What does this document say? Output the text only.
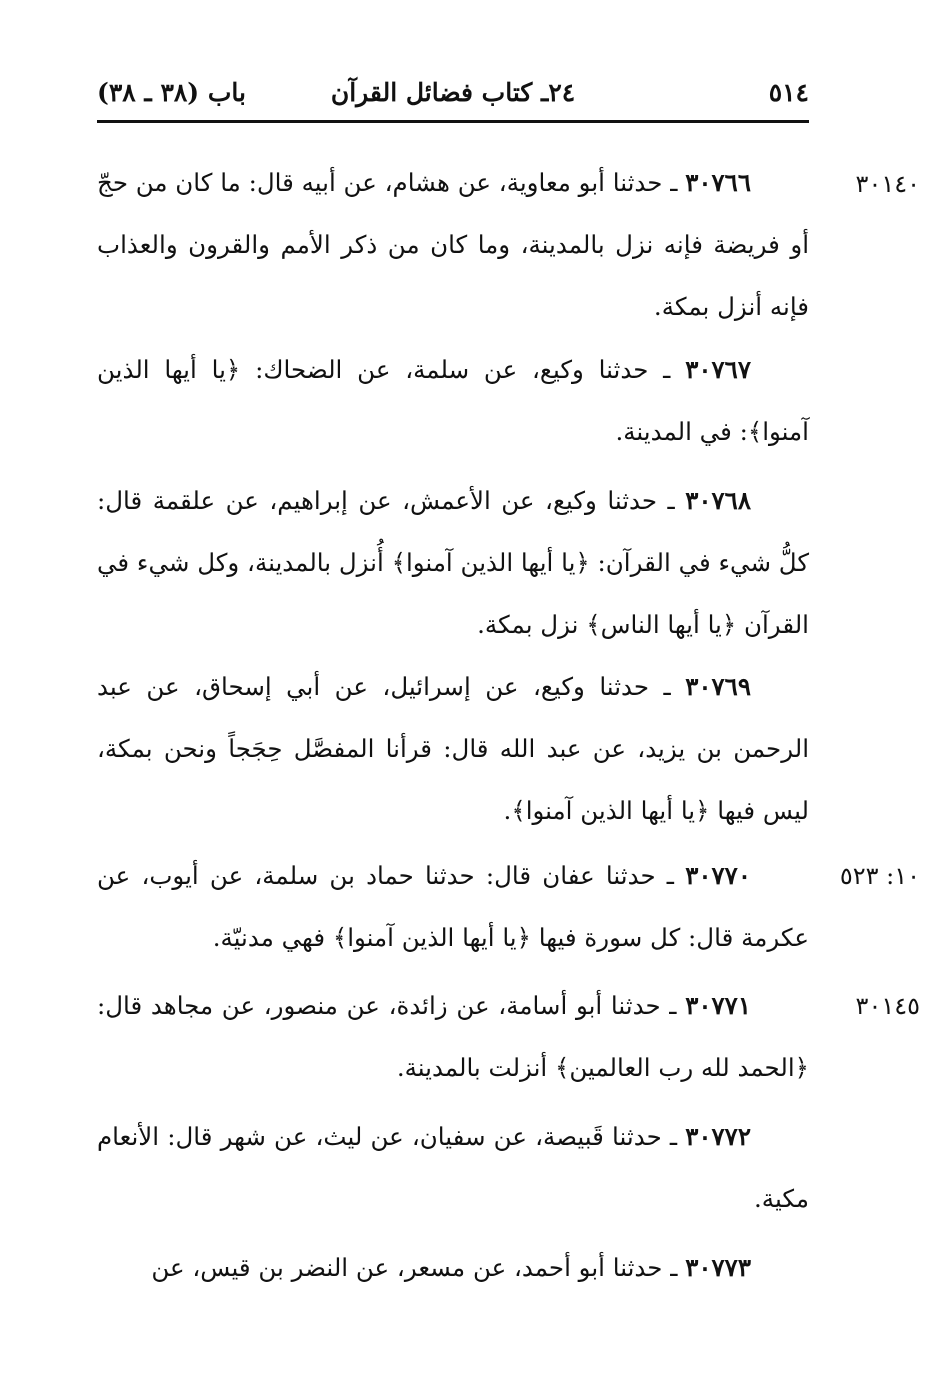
٥١٤
٢٤ـ كتاب فضائل القرآن
باب (٣٨ ـ ٣٨)
٣٠١٤٠

٣٠٧٦٦ ـ حدثنا أبو معاوية، عن هشام، عن أبيه قال: ما كان من حجّ أو فريضة فإنه نزل بالمدينة، وما كان من ذكر الأمم والقرون والعذاب فإنه أنزل بمكة.

٣٠٧٦٧ ـ حدثنا وكيع، عن سلمة، عن الضحاك: ﴿يا أيها الذين آمنوا﴾: في المدينة.

٣٠٧٦٨ ـ حدثنا وكيع، عن الأعمش، عن إبراهيم، عن علقمة قال: كلُّ شيء في القرآن: ﴿يا أيها الذين آمنوا﴾ أُنزل بالمدينة، وكل شيء في القرآن ﴿يا أيها الناس﴾ نزل بمكة.

٣٠٧٦٩ ـ حدثنا وكيع، عن إسرائيل، عن أبي إسحاق، عن عبد الرحمن بن يزيد، عن عبد الله قال: قرأنا المفصَّل حِجَجاً ونحن بمكة، ليس فيها ﴿يا أيها الذين آمنوا﴾.

١٠: ٥٢٣

٣٠٧٧٠ ـ حدثنا عفان قال: حدثنا حماد بن سلمة، عن أيوب، عن عكرمة قال: كل سورة فيها ﴿يا أيها الذين آمنوا﴾ فهي مدنيّة.

٣٠١٤٥

٣٠٧٧١ ـ حدثنا أبو أسامة، عن زائدة، عن منصور، عن مجاهد قال: ﴿الحمد لله رب العالمين﴾ أنزلت بالمدينة.

٣٠٧٧٢ ـ حدثنا قَبيصة، عن سفيان، عن ليث، عن شهر قال: الأنعام مكية.

٣٠٧٧٣ ـ حدثنا أبو أحمد، عن مسعر، عن النضر بن قيس، عن
